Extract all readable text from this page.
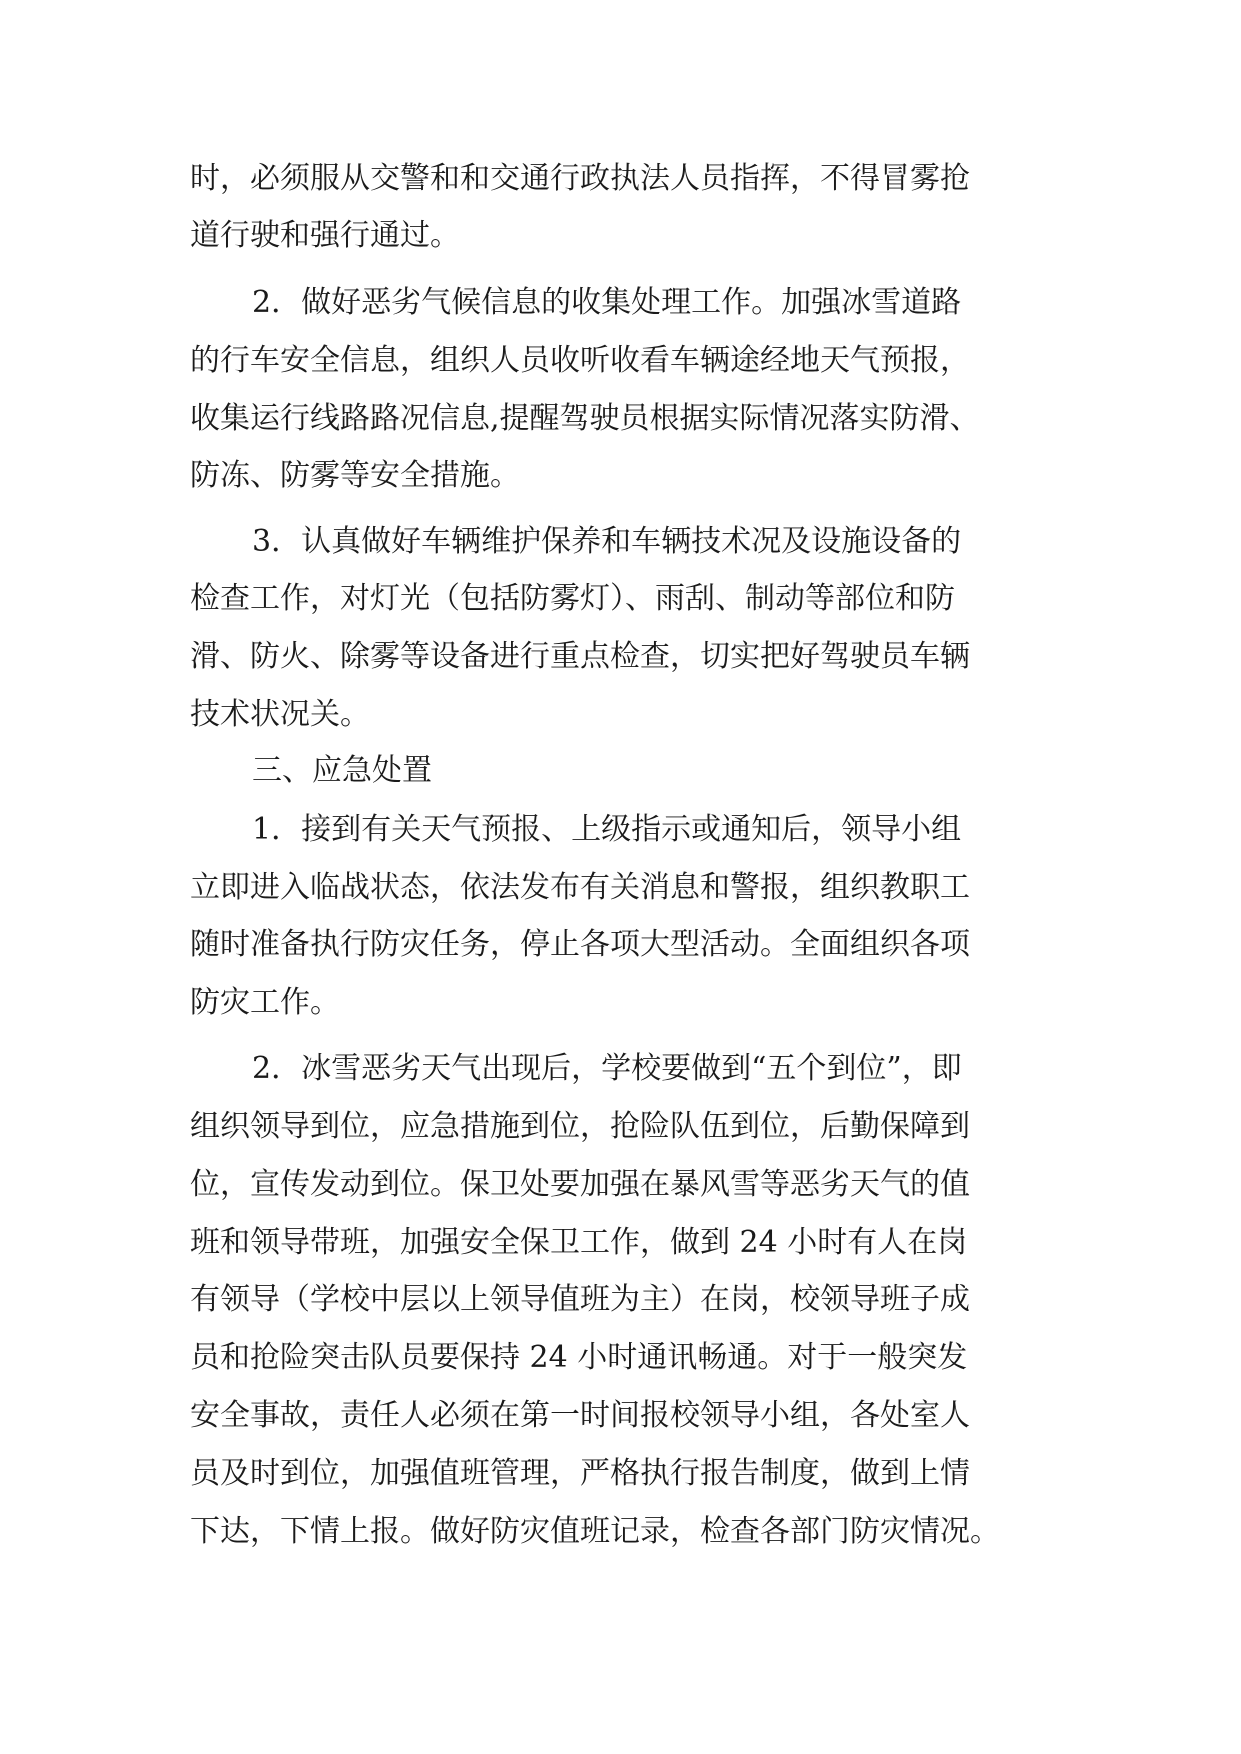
时，必须服从交警和和交通行政执法人员指挥，不得冒雾抢
道行驶和强行通过。
2．做好恶劣气候信息的收集处理工作。加强冰雪道路
的行车安全信息，组织人员收听收看车辆途经地天气预报，
收集运行线路路况信息,提醒驾驶员根据实际情况落实防滑、
防冻、防雾等安全措施。
3．认真做好车辆维护保养和车辆技术况及设施设备的
检查工作，对灯光（包括防雾灯）、雨刮、制动等部位和防
滑、防火、除雾等设备进行重点检查，切实把好驾驶员车辆
技术状况关。
三、应急处置
1．接到有关天气预报、上级指示或通知后，领导小组
立即进入临战状态，依法发布有关消息和警报，组织教职工
随时准备执行防灾任务，停止各项大型活动。全面组织各项
防灾工作。
2．冰雪恶劣天气出现后，学校要做到“五个到位”，即
组织领导到位，应急措施到位，抢险队伍到位，后勤保障到
位，宣传发动到位。保卫处要加强在暴风雪等恶劣天气的值
班和领导带班，加强安全保卫工作，做到 24 小时有人在岗
有领导（学校中层以上领导值班为主）在岗，校领导班子成
员和抢险突击队员要保持 24 小时通讯畅通。对于一般突发
安全事故，责任人必须在第一时间报校领导小组，各处室人
员及时到位，加强值班管理，严格执行报告制度，做到上情
下达，下情上报。做好防灾值班记录，检查各部门防灾情况。
